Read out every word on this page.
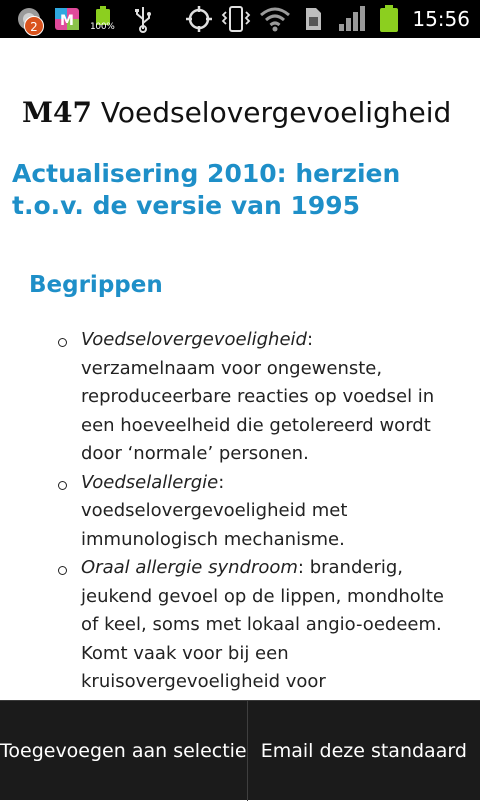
2	M 100%	15:56
M47 Voedselovergevoeligheid
Actualisering 2010: herzien t.o.v. de versie van 1995
Begrippen
Voedselovergevoeligheid: verzamelnaam voor ongewenste, reproduceerbare reacties op voedsel in een hoeveelheid die getolereerd wordt door ‘normale’ personen.
Voedselallergie: voedselovergevoeligheid met immunologisch mechanisme.
Oraal allergie syndroom: branderig, jeukend gevoel op de lippen, mondholte of keel, soms met lokaal angio-oedeem. Komt vaak voor bij een kruisovergevoeligheid voor
Toegevoegen aan selectie Email deze standaard
